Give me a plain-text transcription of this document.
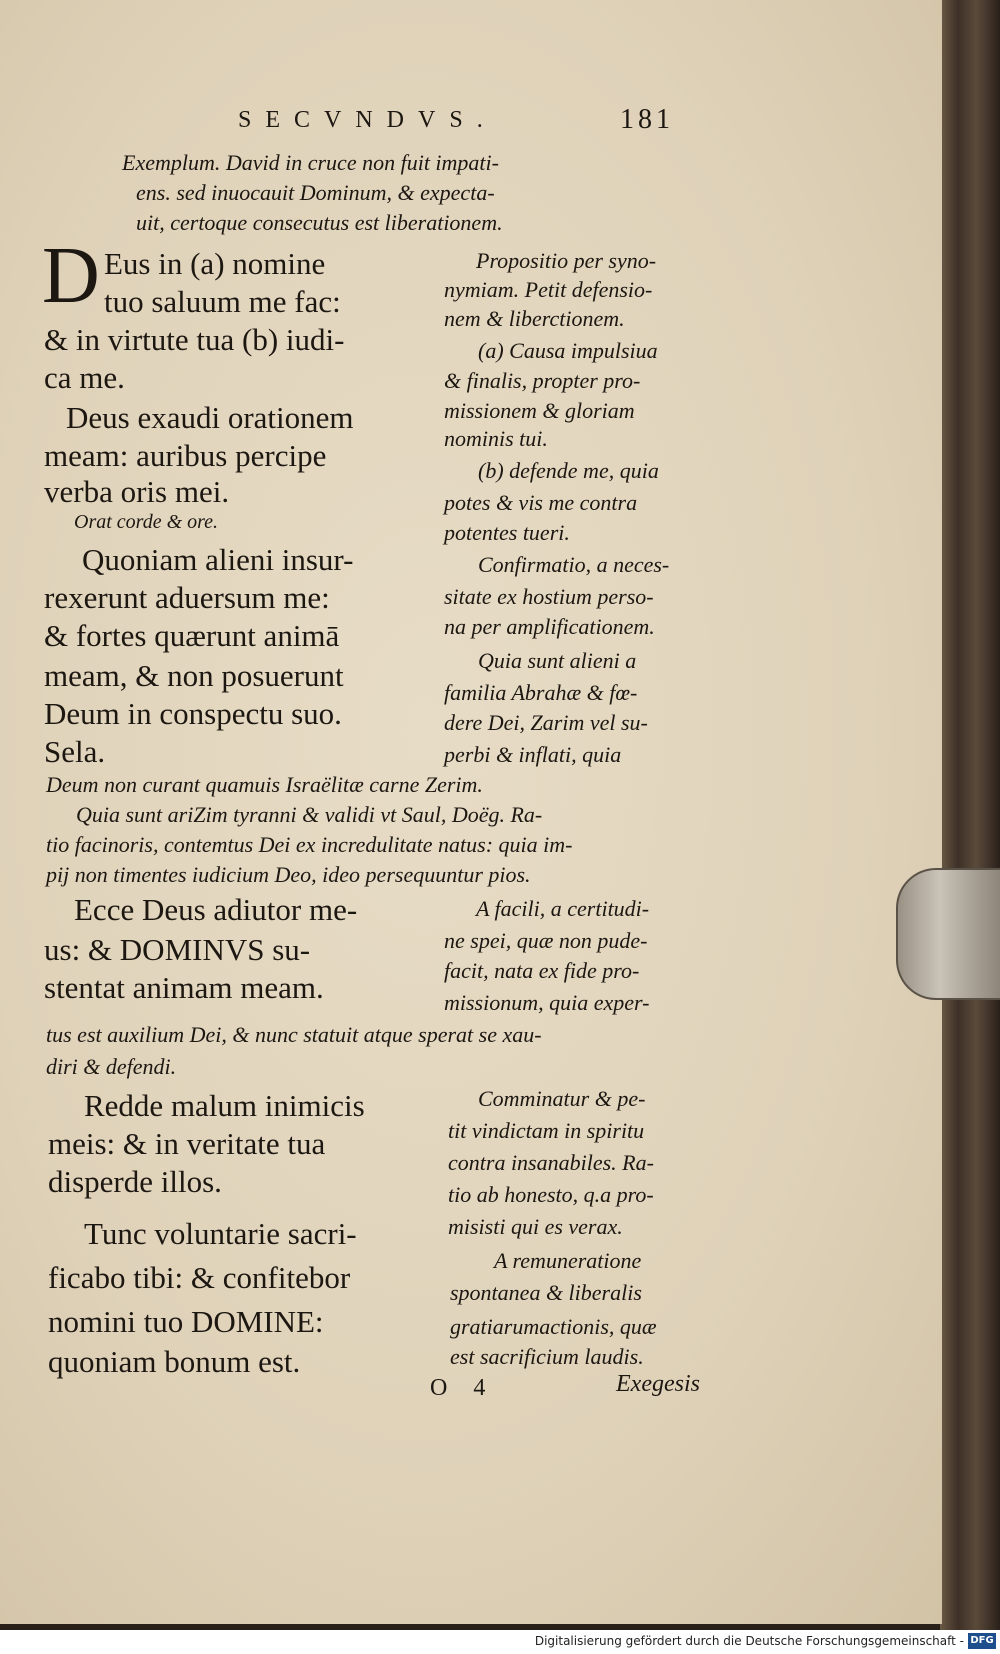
SECVNDVS.	181
Exemplum. David in cruce non fuit impati-
ens. sed inuocauit Dominum, & expecta-
uit, certoque consecutus est liberationem.
D Eus in (a) nomine
tuo saluum me fac:
& in virtute tua (b) iudi-
ca me.
Deus exaudi orationem
meam: auribus percipe
verba oris mei.
Orat corde & ore.
Propositio per syno-
nymiam. Petit defensio-
nem & liberctionem.
(a) Causa impulsiua
& finalis, propter pro-
missionem & gloriam
nominis tui.
(b) defende me, quia
potes & vis me contra
potentes tueri.
Quoniam alieni insur-
rexerunt aduersum me:
& fortes quærunt animā
meam, & non posuerunt
Deum in conspectu suo.
Sela.
Confirmatio, a neces-
sitate ex hostium perso-
na per amplificationem.
Quia sunt alieni a
familia Abrahæ & fœ-
dere Dei, Zarim vel su-
perbi & inflati, quia
Deum non curant quamuis Israëlitæ carne Zerim.
Quia sunt ariZim tyranni & validi vt Saul, Doëg. Ra-
tio facinoris, contemtus Dei ex incredulitate natus: quia im-
pij non timentes iudicium Deo, ideo persequuntur pios.
Ecce Deus adiutor me-
us: & DOMINVS su-
stentat animam meam.
A facili, a certitudi-
ne spei, quæ non pude-
facit, nata ex fide pro-
missionum, quia exper-
tus est auxilium Dei, & nunc statuit atque sperat se xau-
diri & defendi.
Redde malum inimicis
meis: & in veritate tua
disperde illos.
Comminatur & pe-
tit vindictam in spiritu
contra insanabiles. Ra-
tio ab honesto, q.a pro-
misisti qui es verax.
Tunc voluntarie sacri-
ficabo tibi: & confitebor
nomini tuo DOMINE:
quoniam bonum est.
A remuneratione
spontanea & liberalis
gratiarumactionis, quæ
est sacrificium laudis.
O 4	Exegesis
Digitalisierung gefördert durch die Deutsche Forschungsgemeinschaft - DFG
